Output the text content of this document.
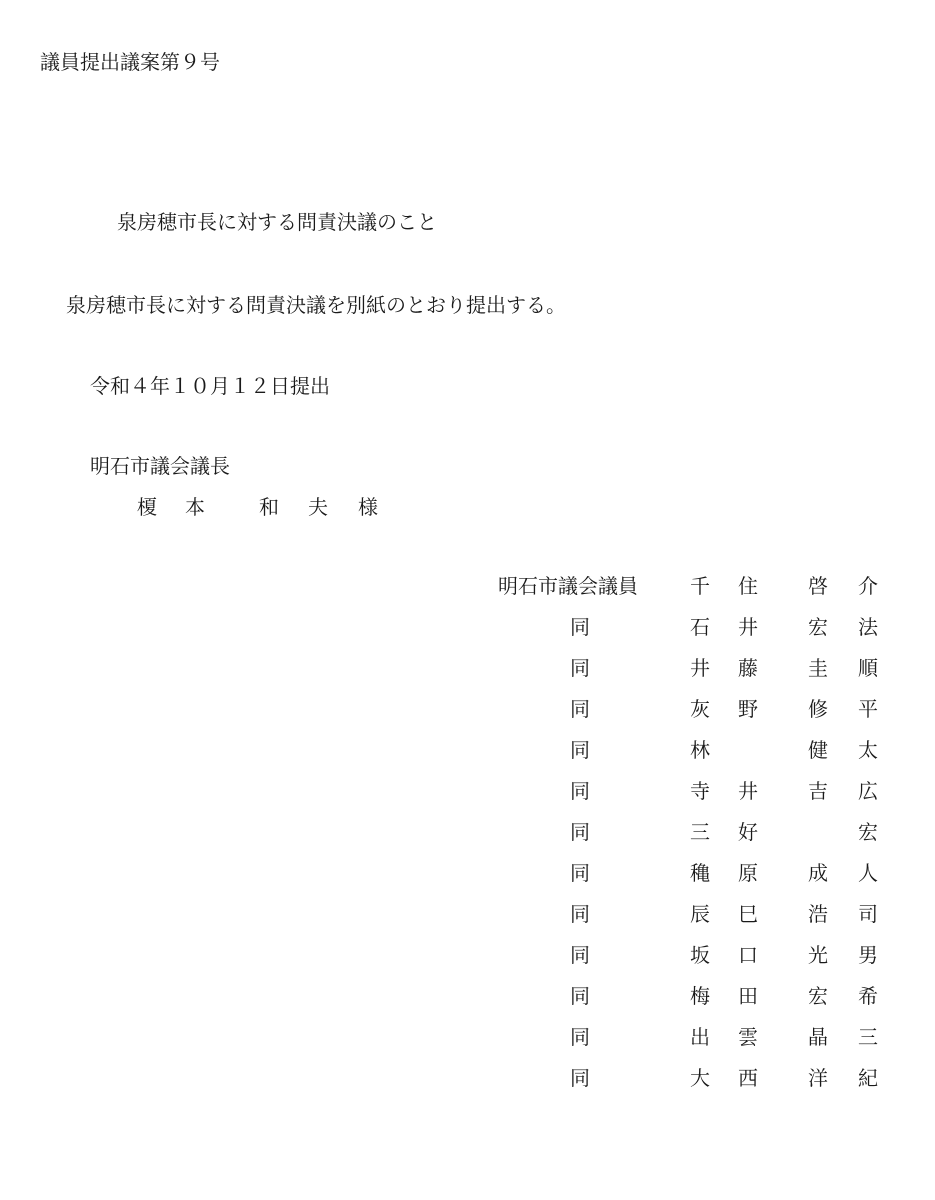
議員提出議案第９号
泉房穂市長に対する問責決議のこと
泉房穂市長に対する問責決議を別紙のとおり提出する。
令和４年１０月１２日提出
明石市議会議長
榎 本	和 夫 様
明石市議会議員	千 住	啓 介
同	石 井	宏 法
同	井 藤	圭 順
同	灰 野	修 平
同	林	健 太
同	寺 井	吉 広
同	三 好	宏
同	穐 原	成 人
同	辰 巳	浩 司
同	坂 口	光 男
同	梅 田	宏 希
同	出 雲	晶 三
同	大 西	洋 紀
